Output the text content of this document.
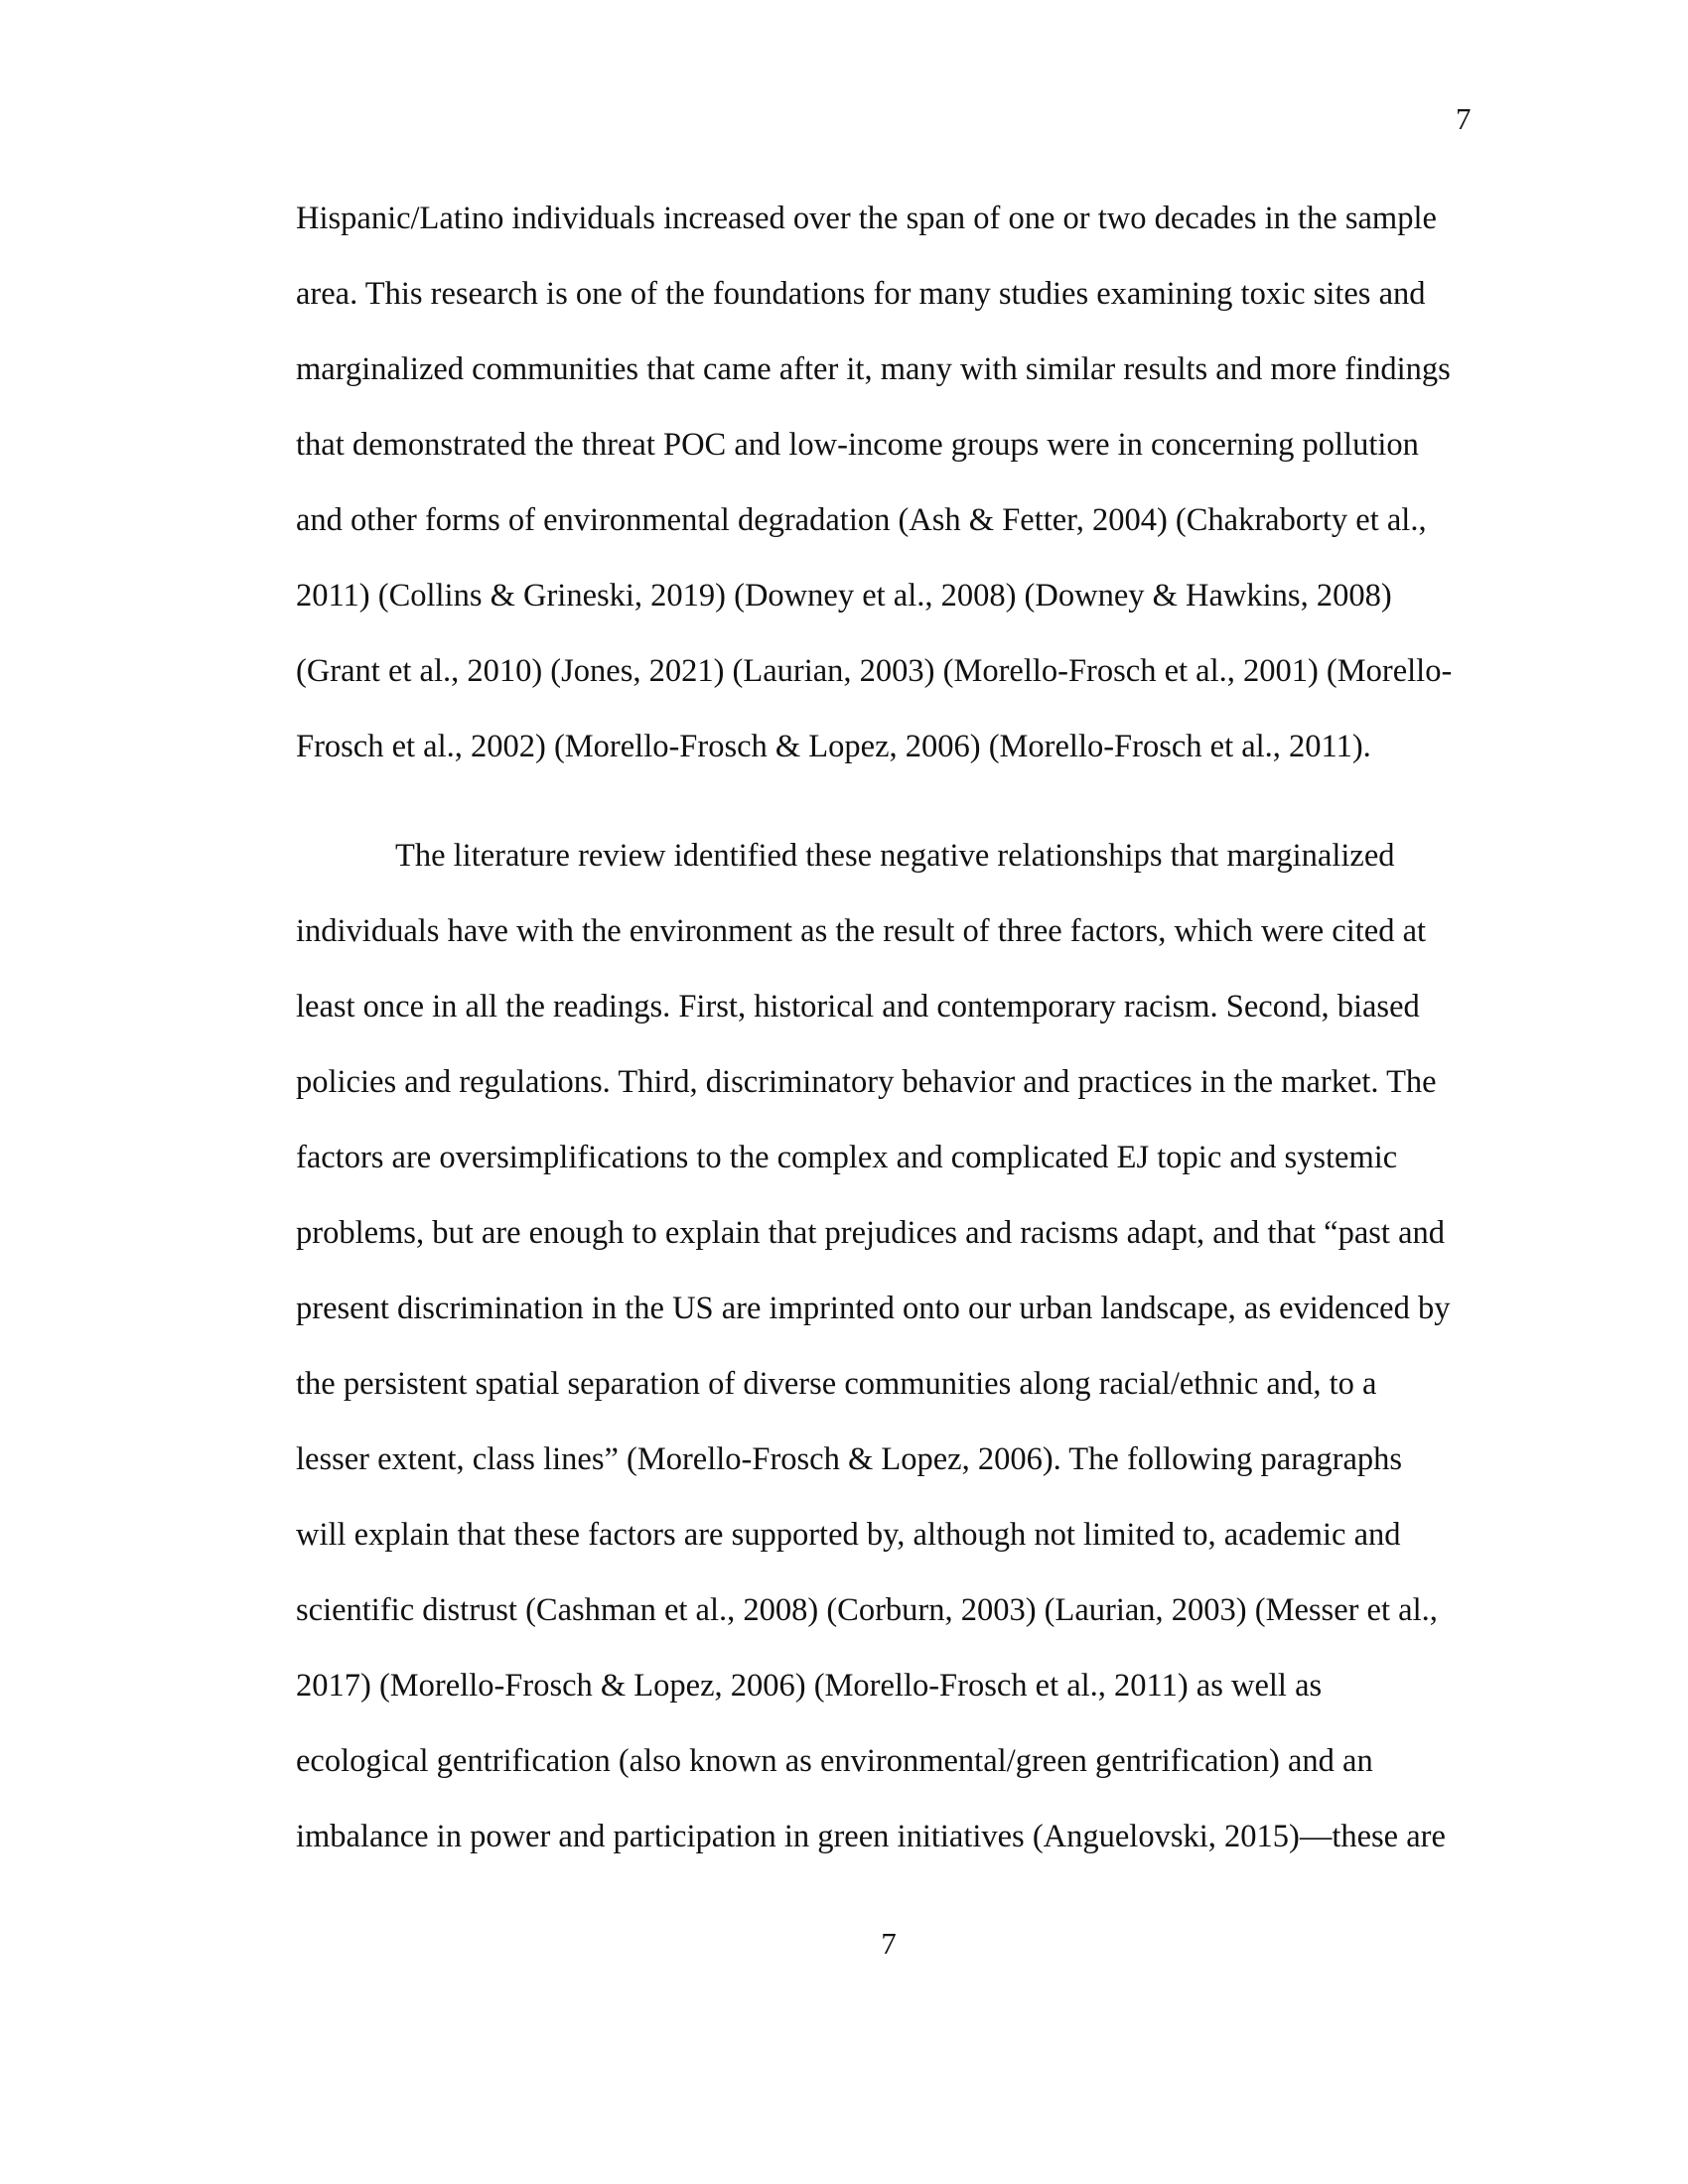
7
Hispanic/Latino individuals increased over the span of one or two decades in the sample
area. This research is one of the foundations for many studies examining toxic sites and
marginalized communities that came after it, many with similar results and more findings
that demonstrated the threat POC and low-income groups were in concerning pollution
and other forms of environmental degradation (Ash & Fetter, 2004) (Chakraborty et al.,
2011) (Collins & Grineski, 2019) (Downey et al., 2008) (Downey & Hawkins, 2008)
(Grant et al., 2010) (Jones, 2021) (Laurian, 2003) (Morello-Frosch et al., 2001) (Morello-
Frosch et al., 2002) (Morello-Frosch & Lopez, 2006) (Morello-Frosch et al., 2011).
The literature review identified these negative relationships that marginalized
individuals have with the environment as the result of three factors, which were cited at
least once in all the readings. First, historical and contemporary racism. Second, biased
policies and regulations. Third, discriminatory behavior and practices in the market. The
factors are oversimplifications to the complex and complicated EJ topic and systemic
problems, but are enough to explain that prejudices and racisms adapt, and that “past and
present discrimination in the US are imprinted onto our urban landscape, as evidenced by
the persistent spatial separation of diverse communities along racial/ethnic and, to a
lesser extent, class lines” (Morello-Frosch & Lopez, 2006). The following paragraphs
will explain that these factors are supported by, although not limited to, academic and
scientific distrust (Cashman et al., 2008) (Corburn, 2003) (Laurian, 2003) (Messer et al.,
2017) (Morello-Frosch & Lopez, 2006) (Morello-Frosch et al., 2011) as well as
ecological gentrification (also known as environmental/green gentrification) and an
imbalance in power and participation in green initiatives (Anguelovski, 2015)—these are
7
